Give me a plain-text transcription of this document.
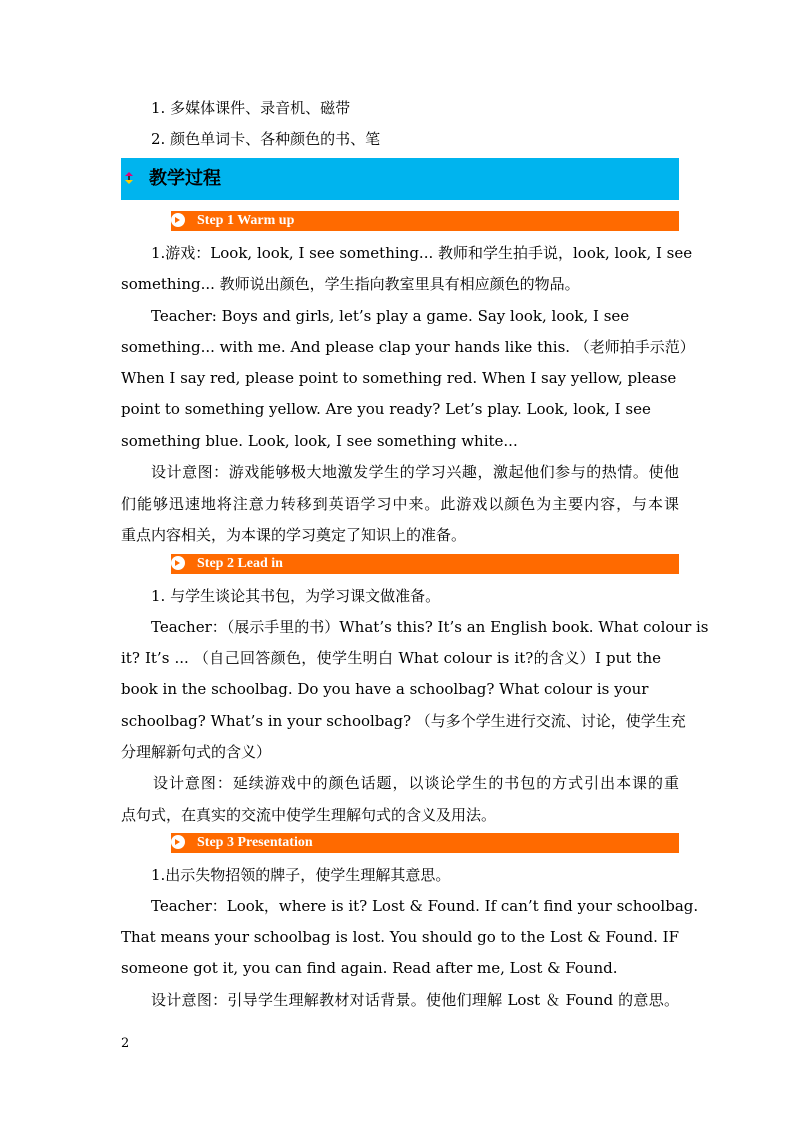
1. 多媒体课件、录音机、磁带
2. 颜色单词卡、各种颜色的书、笔
教学过程
Step 1 Warm up
1.游戏：Look, look, I see something... 教师和学生拍手说，look, look, I see
something... 教师说出颜色，学生指向教室里具有相应颜色的物品。
Teacher: Boys and girls, let’s play a game. Say look, look, I see
something... with me. And please clap your hands like this. （老师拍手示范）
When I say red, please point to something red. When I say yellow, please
point to something yellow. Are you ready? Let’s play. Look, look, I see
something blue. Look, look, I see something white...
设计意图：游戏能够极大地激发学生的学习兴趣，激起他们参与的热情。使他
们能够迅速地将注意力转移到英语学习中来。此游戏以颜色为主要内容，与本课
重点内容相关，为本课的学习奠定了知识上的准备。
Step 2 Lead in
1. 与学生谈论其书包，为学习课文做准备。
Teacher：（展示手里的书）What’s this? It’s an English book. What colour is
it? It’s ... （自己回答颜色，使学生明白 What colour is it?的含义）I put the
book in the schoolbag. Do you have a schoolbag? What colour is your
schoolbag? What’s in your schoolbag? （与多个学生进行交流、讨论，使学生充
分理解新句式的含义）
设计意图：延续游戏中的颜色话题，以谈论学生的书包的方式引出本课的重
点句式，在真实的交流中使学生理解句式的含义及用法。
Step 3 Presentation
1.出示失物招领的牌子，使学生理解其意思。
Teacher：Look，where is it? Lost & Found. If can’t find your schoolbag.
That means your schoolbag is lost. You should go to the Lost & Found. IF
someone got it, you can find again. Read after me, Lost & Found.
设计意图：引导学生理解教材对话背景。使他们理解 Lost ＆ Found 的意思。
2
